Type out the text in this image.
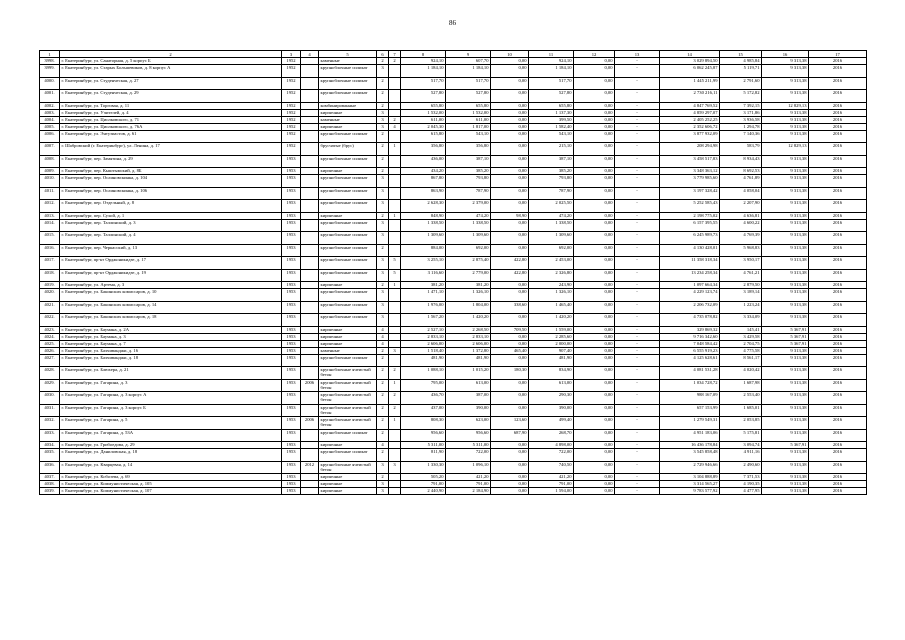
86
1	2	3	4	5	6	7	8	9	10	11	12	13	14	15	16	17
3998.	г. Екатеринбург, ул. Санаторная, д. 5 корпус Б	1952		каменные	2	2	924,10	607,70	0,00	924,10	0,00	-	3 029 894,50	4 985,84	9 313,38	2016
3999.	г. Екатеринбург, ул. Старых Большевиков, д. 8 корпус А	1952		крупноблочные силикат	3		1 184,10	1 184,10	0,00	1 184,10	0,00	-	6 062 245,87	5 119,71	9 313,38	2016
4000.	г. Екатеринбург, ул. Студенческая, д. 27	1952		крупноблочные силикат	2		517,70	517,70	0,00	517,70	0,00	-	1 445 211,99	2 791,60	9 313,38	2016
4001.	г. Екатеринбург, ул. Студенческая, д. 29	1952		крупноблочные силикат	2		527,80	527,80	0,00	527,80	0,00	-	2 730 216,11	5 172,82	9 313,38	2016
4002.	г. Екатеринбург, ул. Торговая, д. 11	1952		комбинированные	2		655,80	655,80	0,00	655,80	0,00	-	4 847 769,52	7 392,15	12 829,13	2016
4003.	г. Екатеринбург, ул. Учителей, д. 4	1952		кирпичные	3		1 532,00	1 532,00	0,00	1 137,30	0,00	-	4 859 297,07	3 171,86	9 313,38	2016
4004.	г. Екатеринбург, ул. Циолковского, д. 71	1952		каменные	3	2	611,00	611,00	0,00	399,50	0,00	-	2 405 252,25	3 936,58	9 313,38	2016
4005.	г. Екатеринбург, ул. Циолковского, д. 76А	1952		кирпичные	3	4	2 045,30	1 817,00	0,00	1 582,40	0,00	-	2 352 606,72	1 294,78	9 313,38	2016
4006.	г. Екатеринбург, ул. Энтузиастов, д. 61	1952		крупноблочные силикат	2		615,80	543,10	0,00	543,10	0,00	-	3 877 932,09	7 140,36	9 313,38	2016
4007.	г. Шабровский (г. Екатеринбург), ул. Ленина, д. 17	1952		брусчатые (брус)	2	1	356,80	356,80	0,00	215,10	0,00	-	208 294,98	583,79	12 829,13	2016
4008.	г. Екатеринбург, пер. Замятина, д. 29	1953		крупноблочные силикат	2		436,00	387,10	0,00	387,10	0,00	-	3 458 517,83	8 934,43	9 313,38	2016
4009.	г. Екатеринбург, пер. Кыштымский, д. 8Б	1953		кирпичные	2		434,20	385,20	0,00	385,20	0,00	-	3 348 363,12	8 692,53	9 313,38	2016
4010.	г. Екатеринбург, пер. Ослиновскинка, д. 104	1953		крупноблочные силикат	3		867,80	793,80	0,00	793,80	0,00	-	3 779 985,60	4 761,89	9 313,38	2016
4011.	г. Екатеринбург, пер. Ослиновскинка, д. 106	1953		крупноблочные силикат	3		863,90	787,90	0,00	787,90	0,00	-	3 197 328,42	4 058,04	9 313,38	2016
4012.	г. Екатеринбург, пер. Отдельный, д. 8	1953		крупноблочные силикат	3		2 628,30	2 379,00	0,00	2 025,50	0,00	-	5 252 585,43	2 207,90	9 313,38	2016
4013.	г. Екатеринбург, пер. Сухой, д. 1	1953		кирпичные	2	1	848,90	474,20	98,90	474,20	0,00	-	2 198 775,02	4 636,81	9 313,38	2016
4014.	г. Екатеринбург, пер. Таллинский, д. 3	1953		крупноблочные силикат	3		1 338,50	1 338,50	0,00	1 338,50	0,00	-	6 157 395,55	4 600,22	9 313,38	2016
4015.	г. Екатеринбург, пер. Таллинский, д. 4	1953		крупноблочные силикат	3		1 309,60	1 309,60	0,00	1 309,60	0,00	-	6 245 989,73	4 769,39	9 313,38	2016
4016.	г. Екатеринбург, пер. Черкасский, д. 13	1953		крупноблочные силикат	2		884,00	692,00	0,00	692,00	0,00	-	4 130 428,01	5 968,83	9 313,38	2016
4017.	г. Екатеринбург, пр-кт Орджоникидзе, д. 17	1953		крупноблочные силикат	3	5	3 255,10	2 875,40	422,80	2 453,00	0,00	-	11 358 318,34	3 950,17	9 313,38	2016
4018.	г. Екатеринбург, пр-кт Орджоникидзе, д. 19	1953		крупноблочные силикат	3	5	3 116,60	2 779,00	422,80	2 326,80	0,00	-	13 234 258,34	4 761,21	9 313,38	2016
4019.	г. Екатеринбург, ул. Артема, д. 3	1953		кирпичные	2	1	381,20	381,20	0,00	243,90	0,00	-	1 097 664,34	2 879,50	9 313,38	2016
4020.	г. Екатеринбург, ул. Бакинских комиссаров, д. 10	1953		крупноблочные силикат	3		1 471,10	1 326,10	0,00	1 326,10	0,00	-	4 229 123,74	3 189,14	9 313,38	2016
4021.	г. Екатеринбург, ул. Бакинских комиссаров, д. 14	1953		крупноблочные силикат	3		1 976,00	1 804,00	338,60	1 465,40	0,00	-	2 206 732,09	1 223,24	9 313,38	2016
4022.	г. Екатеринбург, ул. Бакинских комиссаров, д. 18	1953		крупноблочные силикат	3		1 567,20	1 420,20	0,00	1 420,20	0,00	-	4 735 078,82	3 334,09	9 313,38	2016
4023.	г. Екатеринбург, ул. Баумана, д. 2А	1953		кирпичные	4		2 527,10	2 268,50	709,50	1 559,00	0,00	-	329 869,32	145,41	5 367,91	2016
4024.	г. Екатеринбург, ул. Баумана, д. 3	1953		кирпичные	4		2 833,10	2 833,10	0,00	2 285,60	0,00	-	9 716 342,60	3 429,58	5 367,91	2016
4025.	г. Екатеринбург, ул. Баумана, д. 7	1953		кирпичные	4		2 606,00	2 606,00	0,00	2 000,00	0,00	-	7 048 584,42	2 704,75	5 367,91	2016
4026.	г. Екатеринбург, ул. Бахчиванджи, д. 16	1953		каменные	2	3	1 518,40	1 372,80	465,40	907,40	0,00	-	6 555 919,23	4 775,58	9 313,38	2016
4027.	г. Екатеринбург, ул. Бахчиванджи, д. 18	1953		крупноблочные силикат	2		481,90	481,90	0,00	481,90	0,00	-	4 125 628,61	8 561,17	9 313,38	2016
4028.	г. Екатеринбург, ул. Блюхера, д. 21	1953		крупноблочные ячеистый бетон	2	2	1 088,10	1 015,20	180,30	834,90	0,00	-	4 081 531,28	4 020,42	9 313,38	2016
4029.	г. Екатеринбург, ул. Гагарина, д. 3	1953	2006	крупноблочные ячеистый бетон	2	1	795,00	613,00	0,00	613,00	0,00	-	1 034 728,72	1 687,98	9 313,38	2016
4030.	г. Екатеринбург, ул. Гагарина, д. 3 корпус А	1953		крупноблочные ячеистый бетон	2	2	436,70	387,00	0,00	290,30	0,00	-	988 167,09	2 553,40	9 313,38	2016
4031.	г. Екатеринбург, ул. Гагарина, д. 3 корпус Б	1953		крупноблочные ячеистый бетон	2	2	437,00	390,00	0,00	390,00	0,00	-	657 153,99	1 685,01	9 313,38	2016
4032.	г. Екатеринбург, ул. Гагарина, д. 5	1953	2006	крупноблочные ячеистый бетон	2	1	808,30	623,00	123,60	499,40	0,00	-	1 279 549,31	2 053,85	9 313,38	2016
4033.	г. Екатеринбург, ул. Гагарина, д. 53А	1953		крупноблочные силикат	2		956,60	956,60	687,90	268,70	0,00	-	4 951 183,06	5 175,81	9 313,38	2016
4034.	г. Екатеринбург, ул. Грибоедова, д. 29	1953		кирпичные	4		5 311,00	5 311,00	0,00	4 898,00	0,00	-	16 436 178,84	3 094,74	5 367,91	2016
4035.	г. Екатеринбург, ул. Даниловская, д. 18	1953		крупноблочные силикат	2		811,90	722,00	0,00	722,00	0,00	-	3 545 858,48	4 911,16	9 313,38	2016
4036.	г. Екатеринбург, ул. Кварцевая, д. 14	1953	2012	крупноблочные ячеистый бетон	3	3	1 330,30	1 096,10	0,00	740,50	0,00	-	2 729 946,66	2 490,60	9 313,38	2016
4037.	г. Екатеринбург, ул. Кобозева, д. 69	1953		кирпичные	2		505,20	421,20	0,00	421,20	0,00	-	3 104 888,89	7 371,53	9 313,38	2016
4038.	г. Екатеринбург, ул. Коммунистическая, д. 105	1953		кирпичные	3		791,00	791,00	0,00	791,00	0,00	-	3 314 565,27	4 190,35	9 313,38	2016
4039.	г. Екатеринбург, ул. Коммунистическая, д. 107	1953		кирпичные	3		2 440,90	2 184,90	0,00	1 594,00	0,00	-	9 783 577,92	4 477,95	9 313,38	2016
